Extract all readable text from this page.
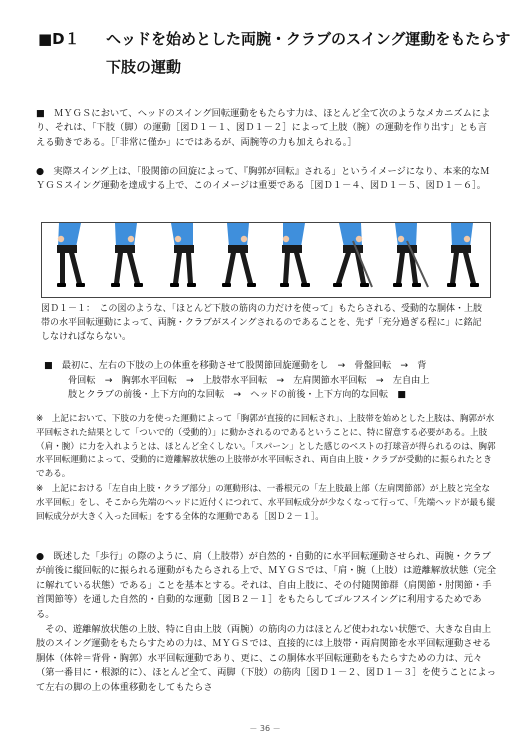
■D１ ヘッドを始めとした両腕・クラブのスイング運動をもたらす
下肢の運動

■　ＭＹＧＳにおいて、ヘッドのスイング回転運動をもたらす力は、ほとんど全て次のようなメカニズムにより、それは、「下肢（脚）の運動［図Ｄ１－１、図Ｄ１－２］によって上肢（腕）の運動を作り出す」とも言える動きである。［「非常に僅か」にではあるが、両腕等の力も加えられる。］

●　実際スイング上は、「股関節の回旋によって、『胸郭が回転』される」というイメージになり、本来的なＭＹＧＳスイング運動を達成する上で、このイメージは重要である［図Ｄ１－４、図Ｄ１－５、図Ｄ１－６］。

図Ｄ１－１：　この図のような、「ほとんど下肢の筋肉の力だけを使って」もたらされる、受動的な胴体・上肢帯の水平回転運動によって、両腕・クラブがスイングされるのであることを、先ず「充分過ぎる程に」に銘記しなければならない。

■　最初に、左右の下肢の上の体重を移動させて股関節回旋運動をし　→　骨盤回転　→　背
骨回転　→　胸郭水平回転　→　上肢帯水平回転　→　左肩関節水平回転　→　左自由上
肢とクラブの前後・上下方向的な回転　→　ヘッドの前後・上下方向的な回転　■

※　上記において、下肢の力を使った運動によって「胸郭が直接的に回転され」、上肢帯を始めとした上肢は、胸郭が水平回転された結果として「ついで的（受動的）」に動かされるのであるということに、特に留意する必要がある。上肢（肩・腕）に力を入れようとは、ほとんど全くしない。「スパーン」とした感じのベストの打球音が得られるのは、胸郭水平回転運動によって、受動的に遊離解放状態の上肢帯が水平回転され、両自由上肢・クラブが受動的に振られたときである。

※　上記における「左自由上肢・クラブ部分」の運動形は、一番根元の「左上肢最上部（左肩関節部）が上肢と完全な水平回転」をし、そこから先端のヘッドに近付くにつれて、水平回転成分が少なくなって行って、「先端ヘッドが最も縦回転成分が大きく入った回転」をする全体的な運動である［図Ｄ２－１］。

●　既述した「歩行」の際のように、肩（上肢帯）が自然的・自動的に水平回転運動させられ、両腕・クラブが前後に縦回転的に振られる運動がもたらされる上で、ＭＹＧＳでは、「肩・腕（上肢）は遊離解放状態（完全に解れている状態）である」ことを基本とする。それは、自由上肢に、その付随関節群（肩関節・肘関節・手首関節等）を通した自然的・自動的な運動［図Ｂ２－１］をもたらしてゴルフスイングに利用するためである。

　その、遊離解放状態の上肢、特に自由上肢（両腕）の筋肉の力はほとんど使われない状態で、大きな自由上肢のスイング運動をもたらすための力は、ＭＹＧＳでは、直接的には上肢帯・両肩関節を水平回転運動させる胴体（体幹＝背骨・胸郭）水平回転運動であり、更に、この胴体水平回転運動をもたらすための力は、元々（第一番目に・根源的に）、ほとんど全て、両脚（下肢）の筋肉［図Ｄ１－２、図Ｄ１－３］を使うことによって左右の脚の上の体重移動をしてもたらさ

－ 36 －
